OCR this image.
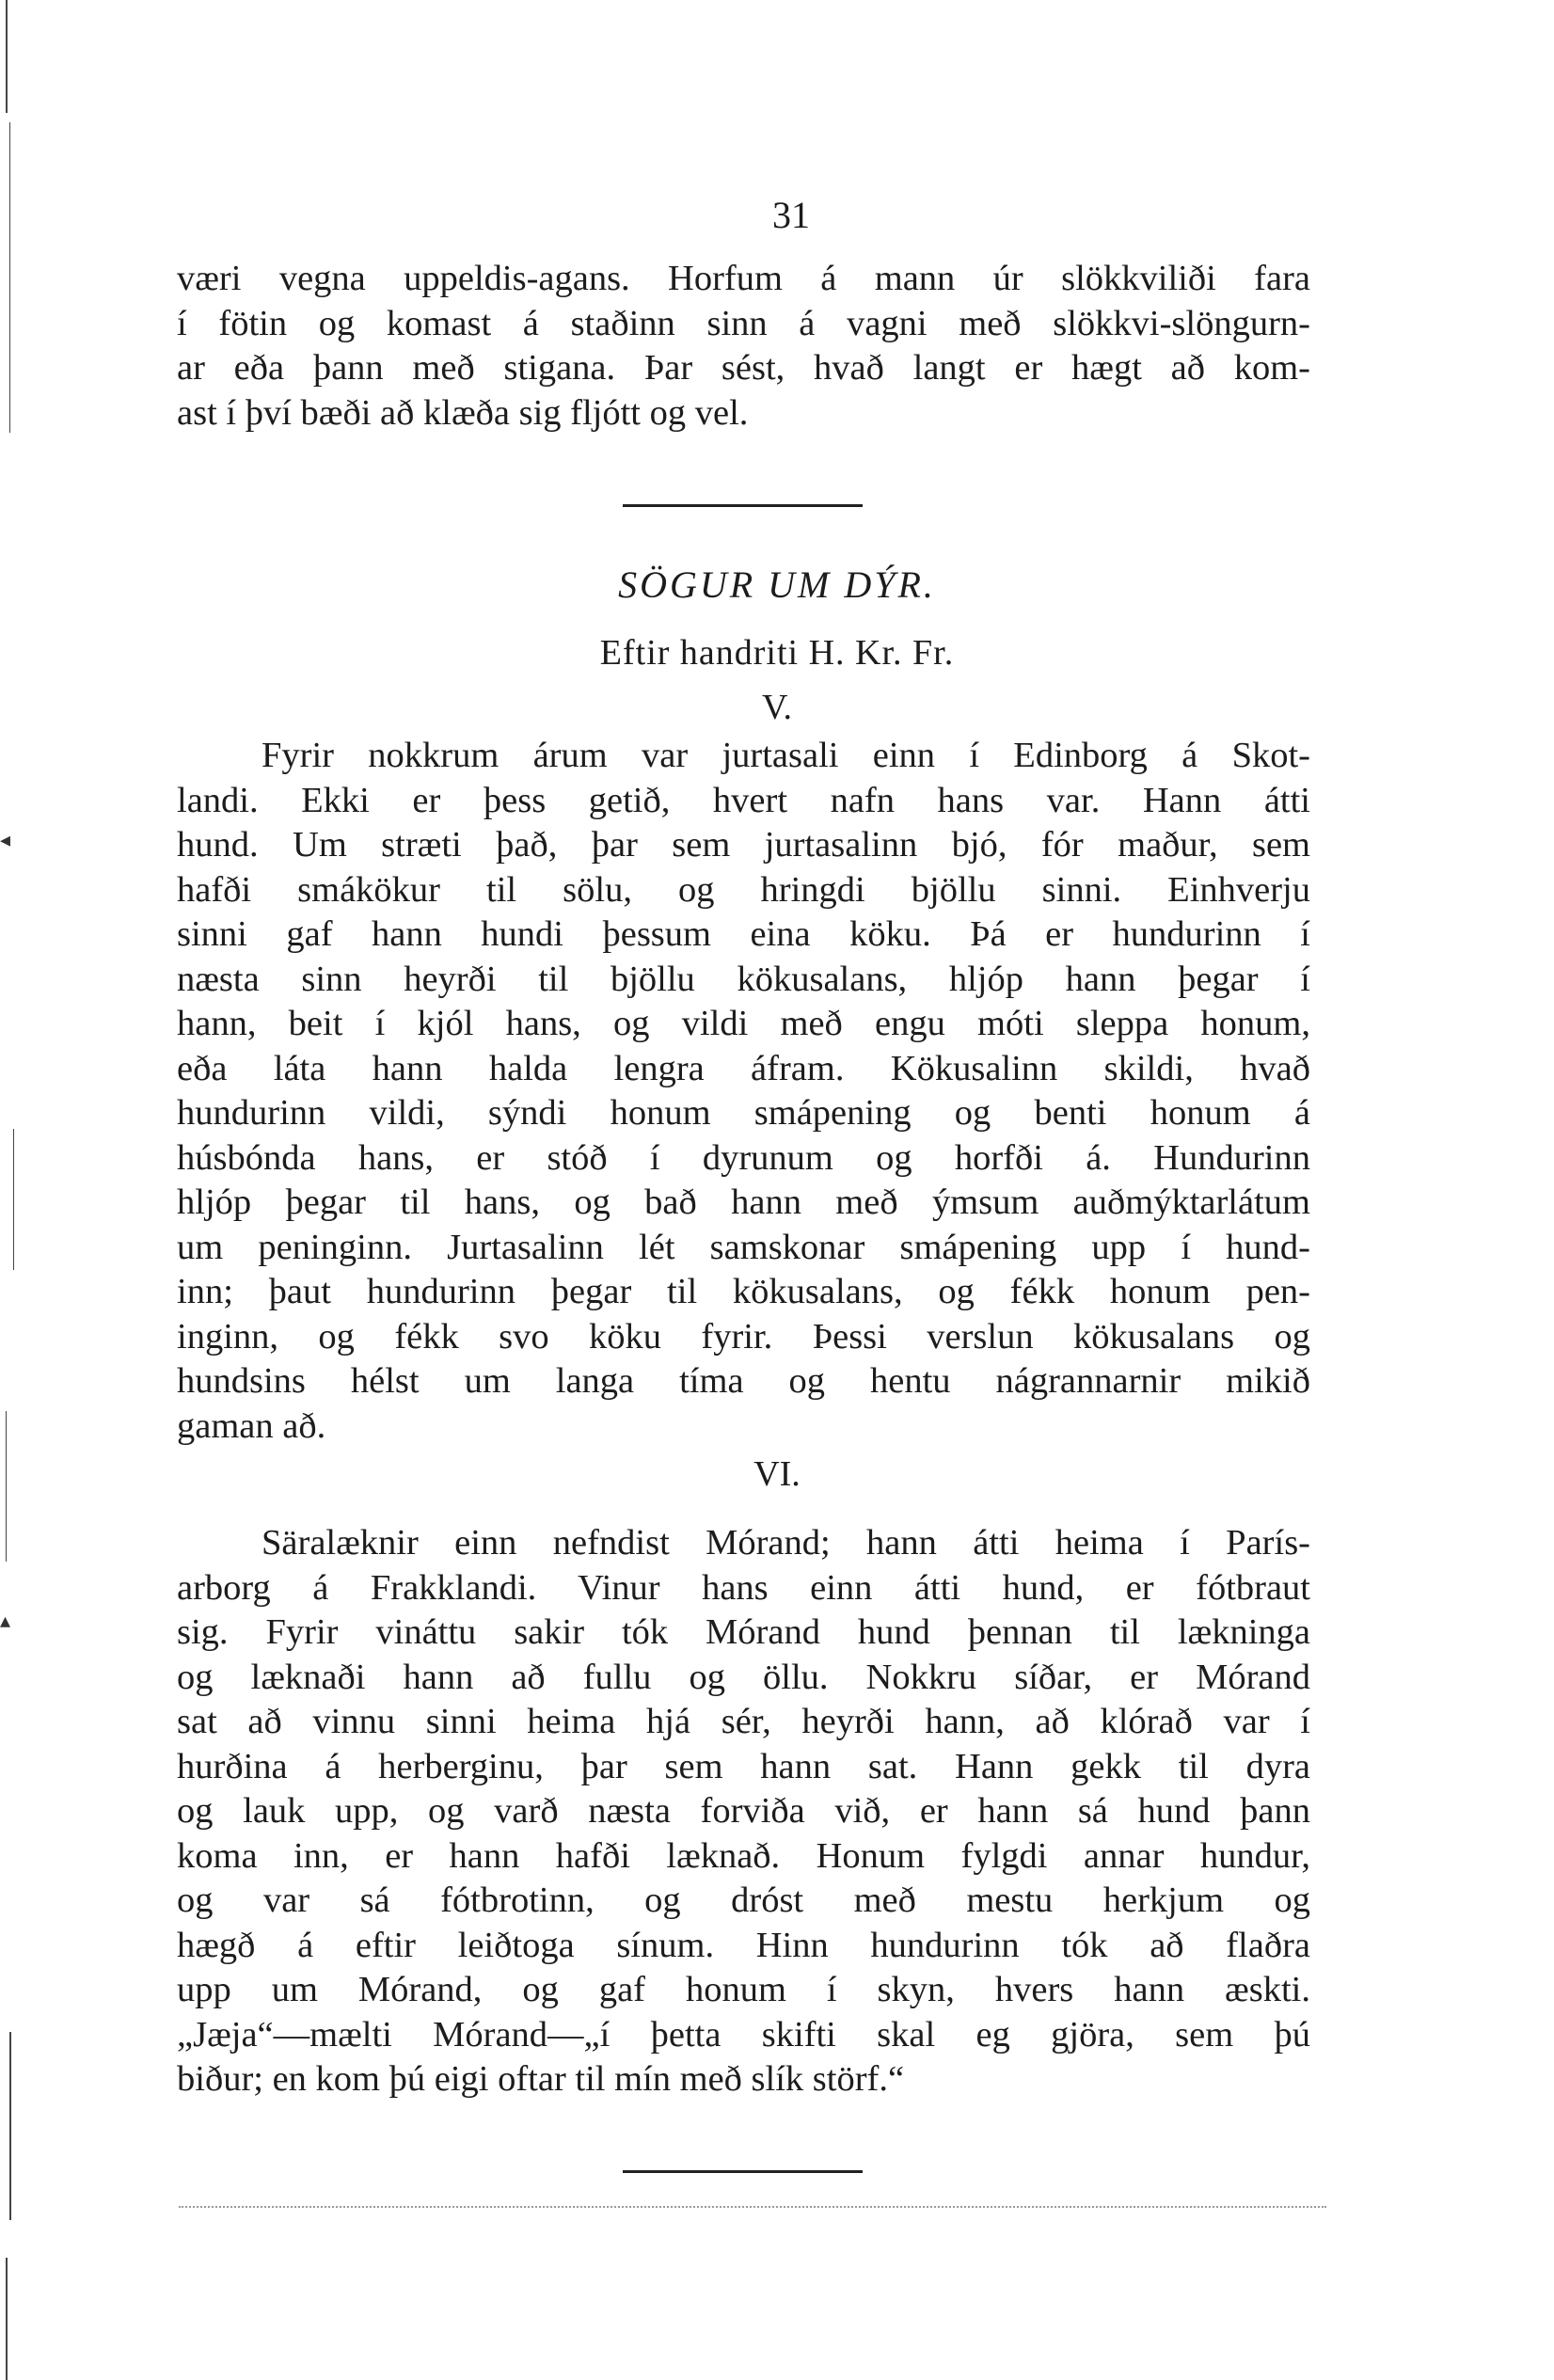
◂
▴
31
væri vegna uppeldis-agans. Horfum á mann úr slökkviliði fara
í fötin og komast á staðinn sinn á vagni með slökkvi-slöngurn-
ar eða þann með stigana. Þar sést, hvað langt er hægt að kom-
ast í því bæði að klæða sig fljótt og vel.
SÖGUR UM DÝR.
Eftir handriti H. Kr. Fr.
V.
Fyrir nokkrum árum var jurtasali einn í Edinborg á Skot-
landi. Ekki er þess getið, hvert nafn hans var. Hann átti
hund. Um stræti það, þar sem jurtasalinn bjó, fór maður, sem
hafði smákökur til sölu, og hringdi bjöllu sinni. Einhverju
sinni gaf hann hundi þessum eina köku. Þá er hundurinn í
næsta sinn heyrði til bjöllu kökusalans, hljóp hann þegar í
hann, beit í kjól hans, og vildi með engu móti sleppa honum,
eða láta hann halda lengra áfram. Kökusalinn skildi, hvað
hundurinn vildi, sýndi honum smápening og benti honum á
húsbónda hans, er stóð í dyrunum og horfði á. Hundurinn
hljóp þegar til hans, og bað hann með ýmsum auðmýktarlátum
um peninginn. Jurtasalinn lét samskonar smápening upp í hund-
inn; þaut hundurinn þegar til kökusalans, og fékk honum pen-
inginn, og fékk svo köku fyrir. Þessi verslun kökusalans og
hundsins hélst um langa tíma og hentu nágrannarnir mikið
gaman að.
VI.
Säralæknir einn nefndist Mórand; hann átti heima í París-
arborg á Frakklandi. Vinur hans einn átti hund, er fótbraut
sig. Fyrir vináttu sakir tók Mórand hund þennan til lækninga
og læknaði hann að fullu og öllu. Nokkru síðar, er Mórand
sat að vinnu sinni heima hjá sér, heyrði hann, að klórað var í
hurðina á herberginu, þar sem hann sat. Hann gekk til dyra
og lauk upp, og varð næsta forviða við, er hann sá hund þann
koma inn, er hann hafði læknað. Honum fylgdi annar hundur,
og var sá fótbrotinn, og dróst með mestu herkjum og
hægð á eftir leiðtoga sínum. Hinn hundurinn tók að flaðra
upp um Mórand, og gaf honum í skyn, hvers hann æskti.
„Jæja“—mælti Mórand—„í þetta skifti skal eg gjöra, sem þú
biður; en kom þú eigi oftar til mín með slík störf.“
